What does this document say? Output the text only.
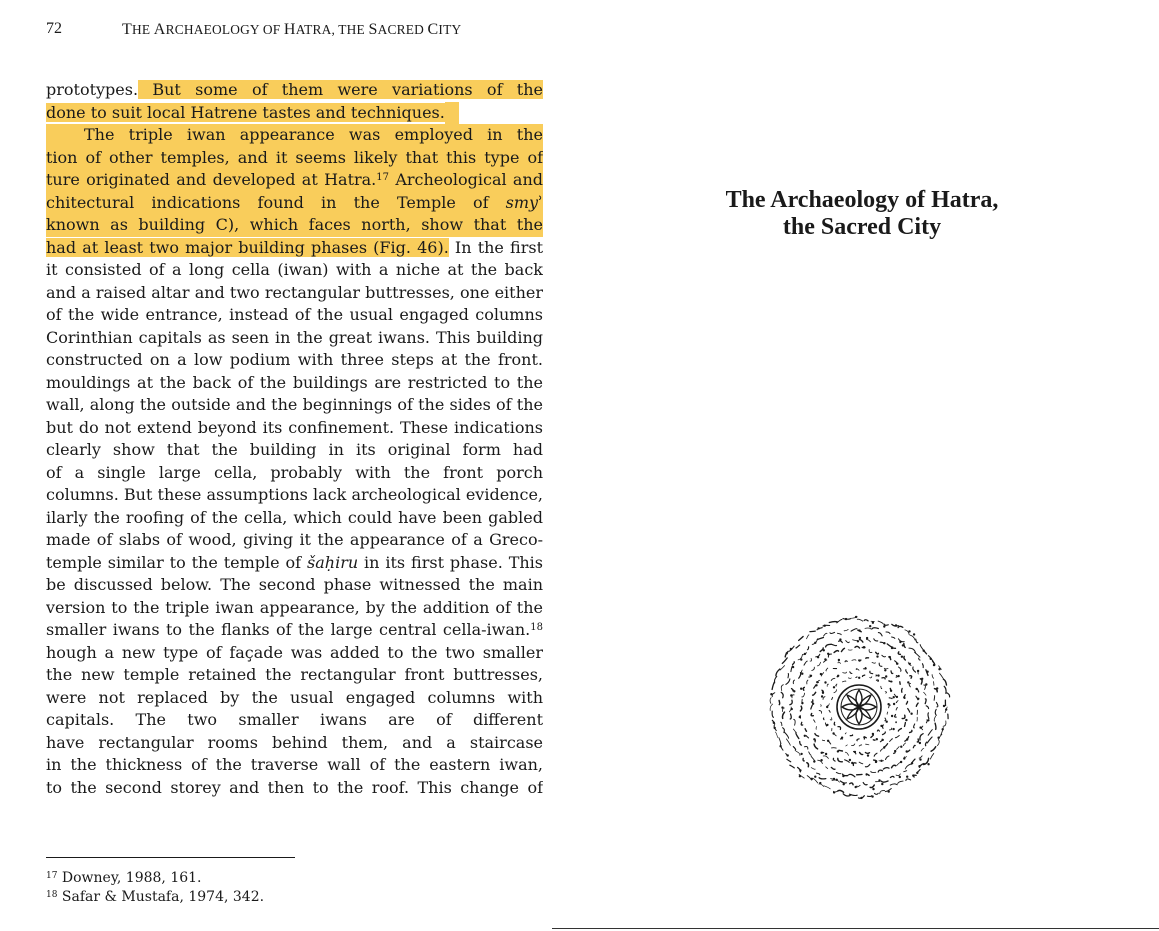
72	THE ARCHAEOLOGY OF HATRA, THE SACRED CITY
prototypes. But some of them were variations of the
done to suit local Hatrene tastes and techniques.
The triple iwan appearance was employed in the
tion of other temples, and it seems likely that this type of
ture originated and developed at Hatra.$^{17}$ Archeological and
chitectural indications found in the Temple of smyʾ
known as building C), which faces north, show that the
had at least two major building phases (Fig. 46). In the first
it consisted of a long cella (iwan) with a niche at the back
and a raised altar and two rectangular buttresses, one either
of the wide entrance, instead of the usual engaged columns
Corinthian capitals as seen in the great iwans. This building
constructed on a low podium with three steps at the front.
mouldings at the back of the buildings are restricted to the
wall, along the outside and the beginnings of the sides of the
but do not extend beyond its confinement. These indications
clearly show that the building in its original form had
of a single large cella, probably with the front porch
columns. But these assumptions lack archeological evidence,
ilarly the roofing of the cella, which could have been gabled
made of slabs of wood, giving it the appearance of a Greco-
temple similar to the temple of šaḥiru in its first phase. This
be discussed below. The second phase witnessed the main
version to the triple iwan appearance, by the addition of the
smaller iwans to the flanks of the large central cella-iwan.$^{18}$
hough a new type of façade was added to the two smaller
the new temple retained the rectangular front buttresses,
were not replaced by the usual engaged columns with
capitals. The two smaller iwans are of different
have rectangular rooms behind them, and a staircase
in the thickness of the traverse wall of the eastern iwan,
to the second storey and then to the roof. This change of
$^{17}$ Downey, 1988, 161.
$^{18}$ Safar & Mustafa, 1974, 342.
The Archaeology of Hatra,
the Sacred City
